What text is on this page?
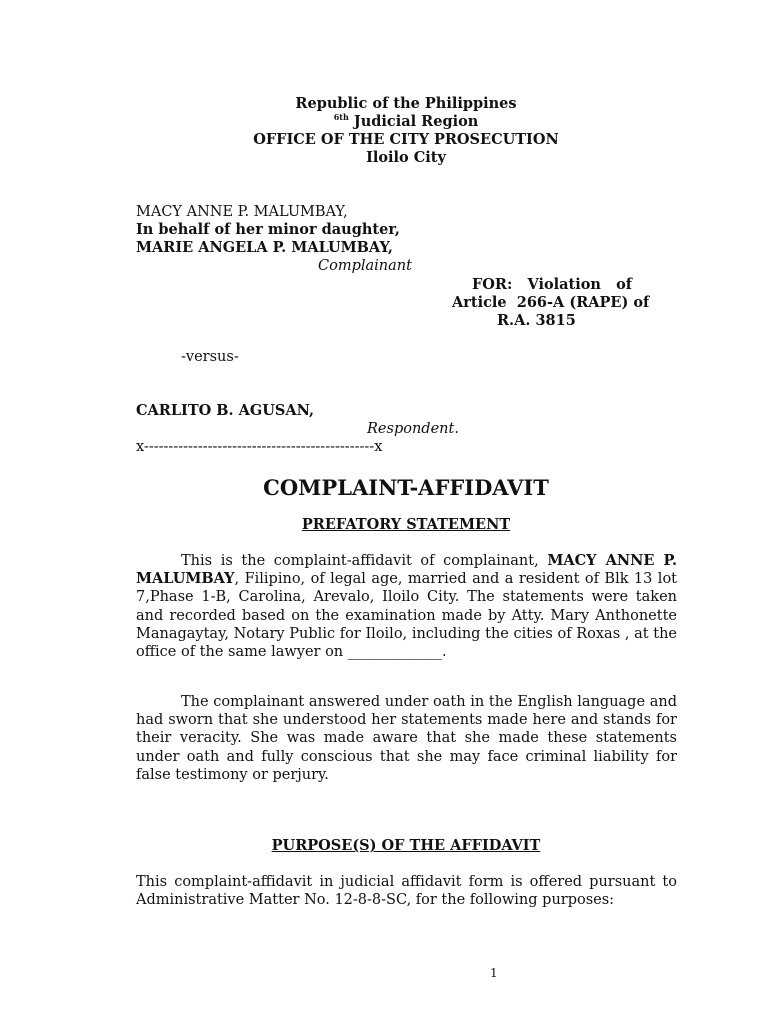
Republic of the Philippines
$^{6th}$ Judicial Region
OFFICE OF THE CITY PROSECUTION
Iloilo City
MACY ANNE P. MALUMBAY,
In behalf of her minor daughter,
MARIE ANGELA P. MALUMBAY,
Complainant
FOR:   Violation   of
Article  266-A (RAPE) of
R.A. 3815
-versus-
CARLITO B. AGUSAN,
Respondent.
x-----------------------------------------------x
COMPLAINT-AFFIDAVIT
PREFATORY STATEMENT
This is the complaint-affidavit of complainant, MACY ANNE P. MALUMBAY, Filipino, of legal age, married and a resident of Blk 13 lot 7,Phase 1-B, Carolina, Arevalo, Iloilo City. The statements were taken and recorded based on the examination made by Atty. Mary Anthonette Managaytay, Notary Public for Iloilo, including the cities of Roxas , at the office of the same lawyer on _____________.
The complainant answered under oath in the English language and had sworn that she understood her statements made here and stands for their veracity. She was made aware that she made these statements under oath and fully conscious that she may face criminal liability for false testimony or perjury.
PURPOSE(S) OF THE AFFIDAVIT
This complaint-affidavit in judicial affidavit form is offered pursuant to Administrative Matter No. 12-8-8-SC, for the following purposes:
1
